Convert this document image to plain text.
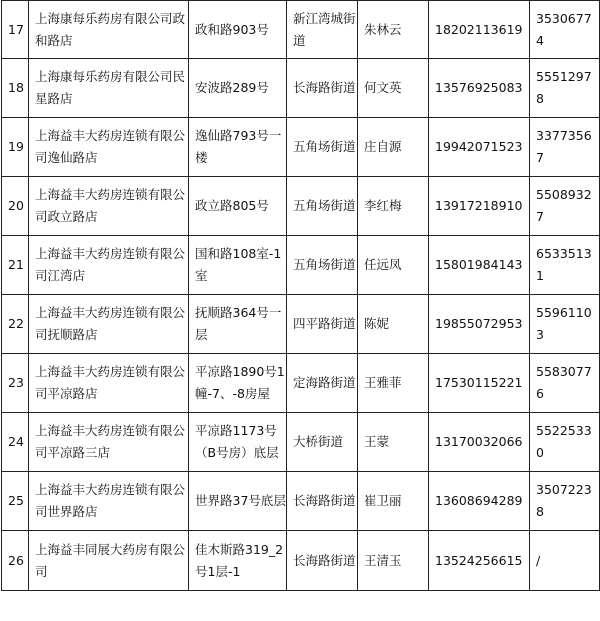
17	上海康每乐药房有限公司政和路店	政和路903号	新江湾城街道	朱林云	18202113619	35306774
18	上海康每乐药房有限公司民星路店	安波路289号	长海路街道	何文英	13576925083	55512978
19	上海益丰大药房连锁有限公司逸仙路店	逸仙路793号一楼	五角场街道	庄自源	19942071523	33773567
20	上海益丰大药房连锁有限公司政立路店	政立路805号	五角场街道	李红梅	13917218910	55089327
21	上海益丰大药房连锁有限公司江湾店	国和路108室-1室	五角场街道	任远凤	15801984143	65335131
22	上海益丰大药房连锁有限公司抚顺路店	抚顺路364号一层	四平路街道	陈妮	19855072953	55961103
23	上海益丰大药房连锁有限公司平凉路店	平凉路1890号1幢-7、-8房屋	定海路街道	王雅菲	17530115221	55830776
24	上海益丰大药房连锁有限公司平凉路三店	平凉路1173号（B号房）底层	大桥街道	王蒙	13170032066	55225330
25	上海益丰大药房连锁有限公司世界路店	世界路37号底层	长海路街道	崔卫丽	13608694289	35072238
26	上海益丰同展大药房有限公司	佳木斯路319_2号1层-1	长海路街道	王清玉	13524256615	/
